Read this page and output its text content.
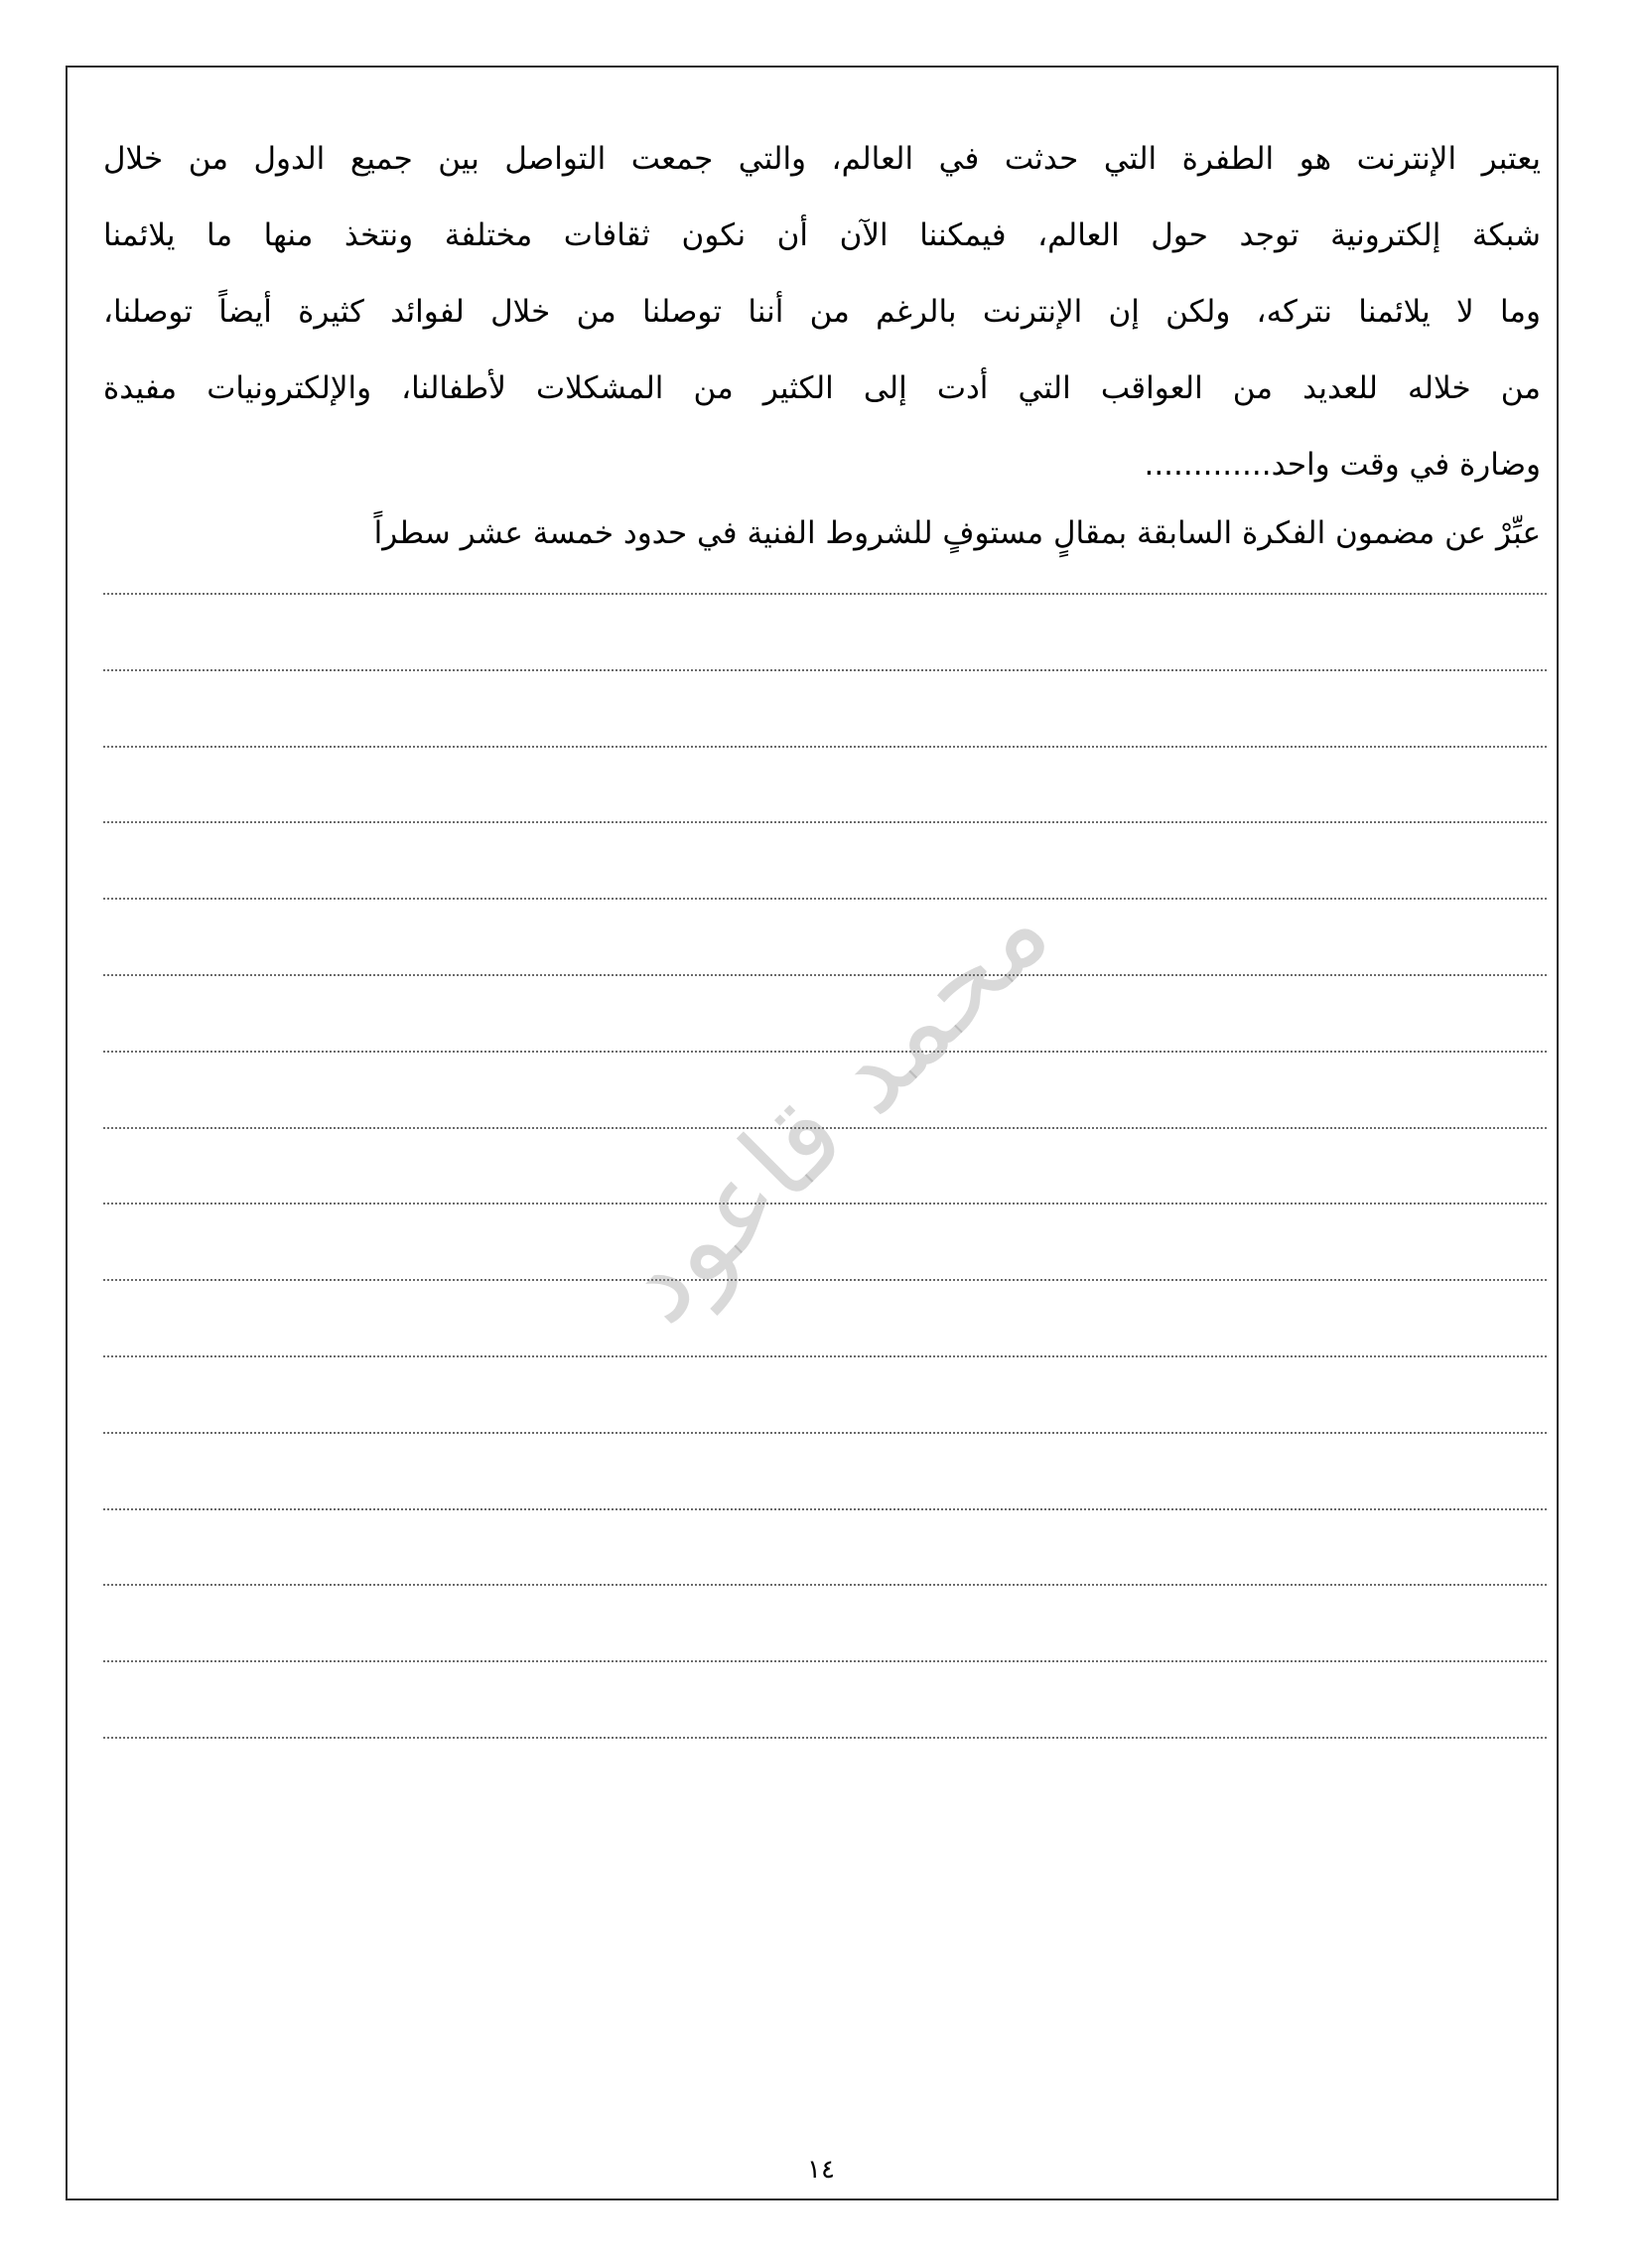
يعتبر الإنترنت هو الطفرة التي حدثت في العالم، والتي جمعت التواصل بين جميع الدول من خلال
شبكة إلكترونية توجد حول العالم، فيمكننا الآن أن نكون ثقافات مختلفة ونتخذ منها ما يلائمنا
وما لا يلائمنا نتركه، ولكن إن الإنترنت بالرغم من أننا توصلنا من خلال لفوائد كثيرة أيضاً توصلنا،
من خلاله للعديد من العواقب التي أدت إلى الكثير من المشكلات لأطفالنا، والإلكترونيات مفيدة
وضارة في وقت واحد.............
عبِّرْ عن مضمون الفكرة السابقة بمقالٍ مستوفٍ للشروط الفنية في حدود خمسة عشر سطراً
محمد قاعود
١٤
